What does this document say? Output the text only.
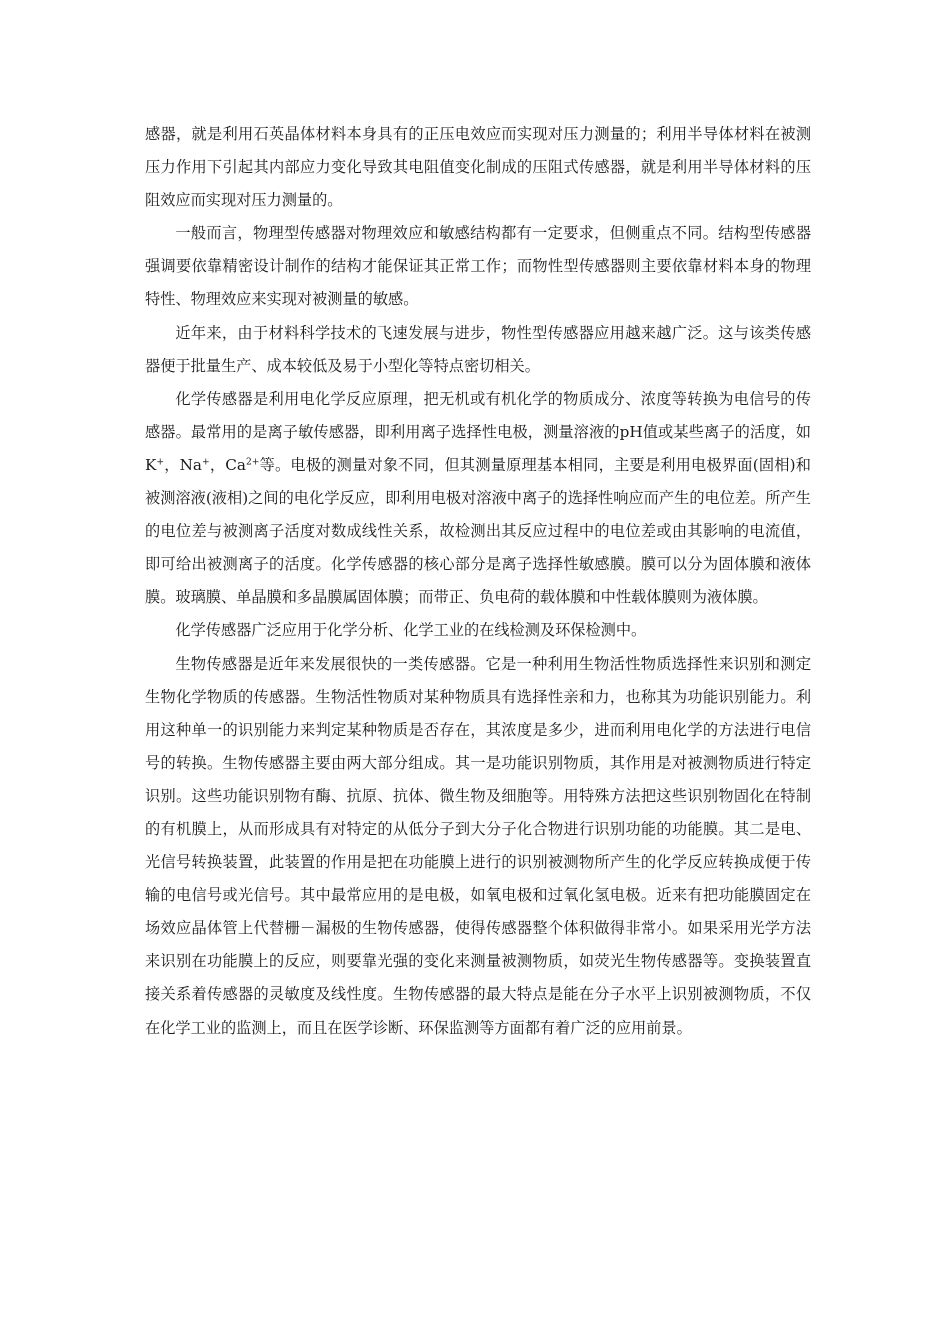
感器，就是利用石英晶体材料本身具有的正压电效应而实现对压力测量的；利用半导体材料在被测压力作用下引起其内部应力变化导致其电阻值变化制成的压阻式传感器，就是利用半导体材料的压阻效应而实现对压力测量的。

一般而言，物理型传感器对物理效应和敏感结构都有一定要求，但侧重点不同。结构型传感器强调要依靠精密设计制作的结构才能保证其正常工作；而物性型传感器则主要依靠材料本身的物理特性、物理效应来实现对被测量的敏感。

近年来，由于材料科学技术的飞速发展与进步，物性型传感器应用越来越广泛。这与该类传感器便于批量生产、成本较低及易于小型化等特点密切相关。

化学传感器是利用电化学反应原理，把无机或有机化学的物质成分、浓度等转换为电信号的传感器。最常用的是离子敏传感器，即利用离子选择性电极，测量溶液的pH值或某些离子的活度，如K+，Na+，$Ca^{2+}$等。电极的测量对象不同，但其测量原理基本相同，主要是利用电极界面(固相)和被测溶液(液相)之间的电化学反应，即利用电极对溶液中离子的选择性响应而产生的电位差。所产生的电位差与被测离子活度对数成线性关系，故检测出其反应过程中的电位差或由其影响的电流值，即可给出被测离子的活度。化学传感器的核心部分是离子选择性敏感膜。膜可以分为固体膜和液体膜。玻璃膜、单晶膜和多晶膜属固体膜；而带正、负电荷的载体膜和中性载体膜则为液体膜。

化学传感器广泛应用于化学分析、化学工业的在线检测及环保检测中。

生物传感器是近年来发展很快的一类传感器。它是一种利用生物活性物质选择性来识别和测定生物化学物质的传感器。生物活性物质对某种物质具有选择性亲和力，也称其为功能识别能力。利用这种单一的识别能力来判定某种物质是否存在，其浓度是多少，进而利用电化学的方法进行电信号的转换。生物传感器主要由两大部分组成。其一是功能识别物质，其作用是对被测物质进行特定识别。这些功能识别物有酶、抗原、抗体、微生物及细胞等。用特殊方法把这些识别物固化在特制的有机膜上，从而形成具有对特定的从低分子到大分子化合物进行识别功能的功能膜。其二是电、光信号转换装置，此装置的作用是把在功能膜上进行的识别被测物所产生的化学反应转换成便于传输的电信号或光信号。其中最常应用的是电极，如氧电极和过氧化氢电极。近来有把功能膜固定在场效应晶体管上代替栅－漏极的生物传感器，使得传感器整个体积做得非常小。如果采用光学方法来识别在功能膜上的反应，则要靠光强的变化来测量被测物质，如荧光生物传感器等。变换装置直接关系着传感器的灵敏度及线性度。生物传感器的最大特点是能在分子水平上识别被测物质，不仅在化学工业的监测上，而且在医学诊断、环保监测等方面都有着广泛的应用前景。
